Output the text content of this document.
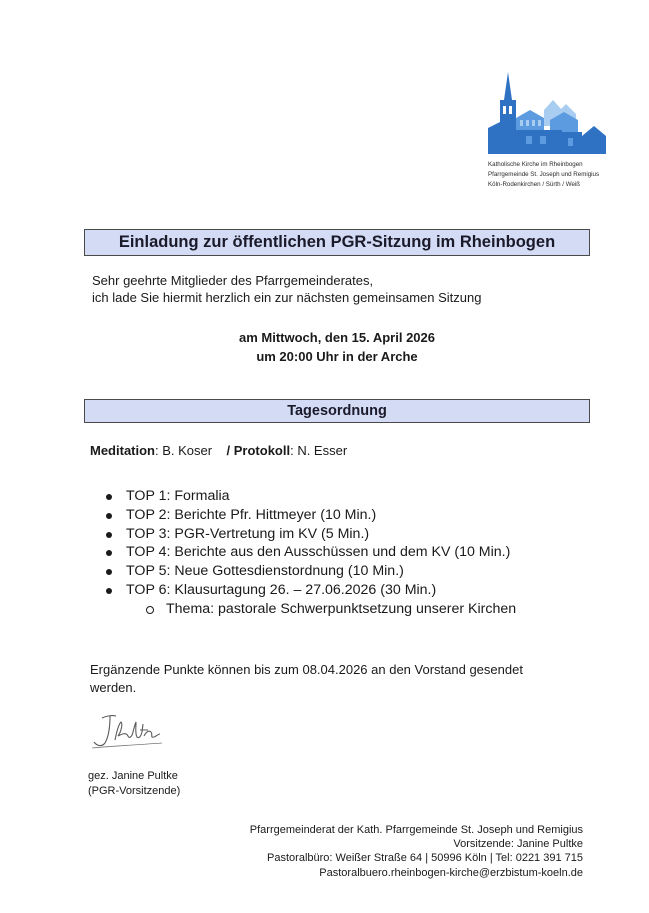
Katholische Kirche im Rheinbogen
Pfarrgemeinde St. Joseph und Remigius
Köln-Rodenkirchen / Sürth / Weiß
Einladung zur öffentlichen PGR-Sitzung im Rheinbogen
Sehr geehrte Mitglieder des Pfarrgemeinderates,
ich lade Sie hiermit herzlich ein zur nächsten gemeinsamen Sitzung
am Mittwoch, den 15. April 2026
um 20:00 Uhr in der Arche
Tagesordnung
Meditation: B. Koser / Protokoll: N. Esser
TOP 1: Formalia
TOP 2: Berichte Pfr. Hittmeyer (10 Min.)
TOP 3: PGR-Vertretung im KV (5 Min.)
TOP 4: Berichte aus den Ausschüssen und dem KV (10 Min.)
TOP 5: Neue Gottesdienstordnung (10 Min.)
TOP 6: Klausurtagung 26. – 27.06.2026 (30 Min.)
Thema: pastorale Schwerpunktsetzung unserer Kirchen
Ergänzende Punkte können bis zum 08.04.2026 an den Vorstand gesendet werden.
gez. Janine Pultke
(PGR-Vorsitzende)
Pfarrgemeinderat der Kath. Pfarrgemeinde St. Joseph und Remigius
Vorsitzende: Janine Pultke
Pastoralbüro: Weißer Straße 64 | 50996 Köln | Tel: 0221 391 715
Pastoralbuero.rheinbogen-kirche@erzbistum-koeln.de
